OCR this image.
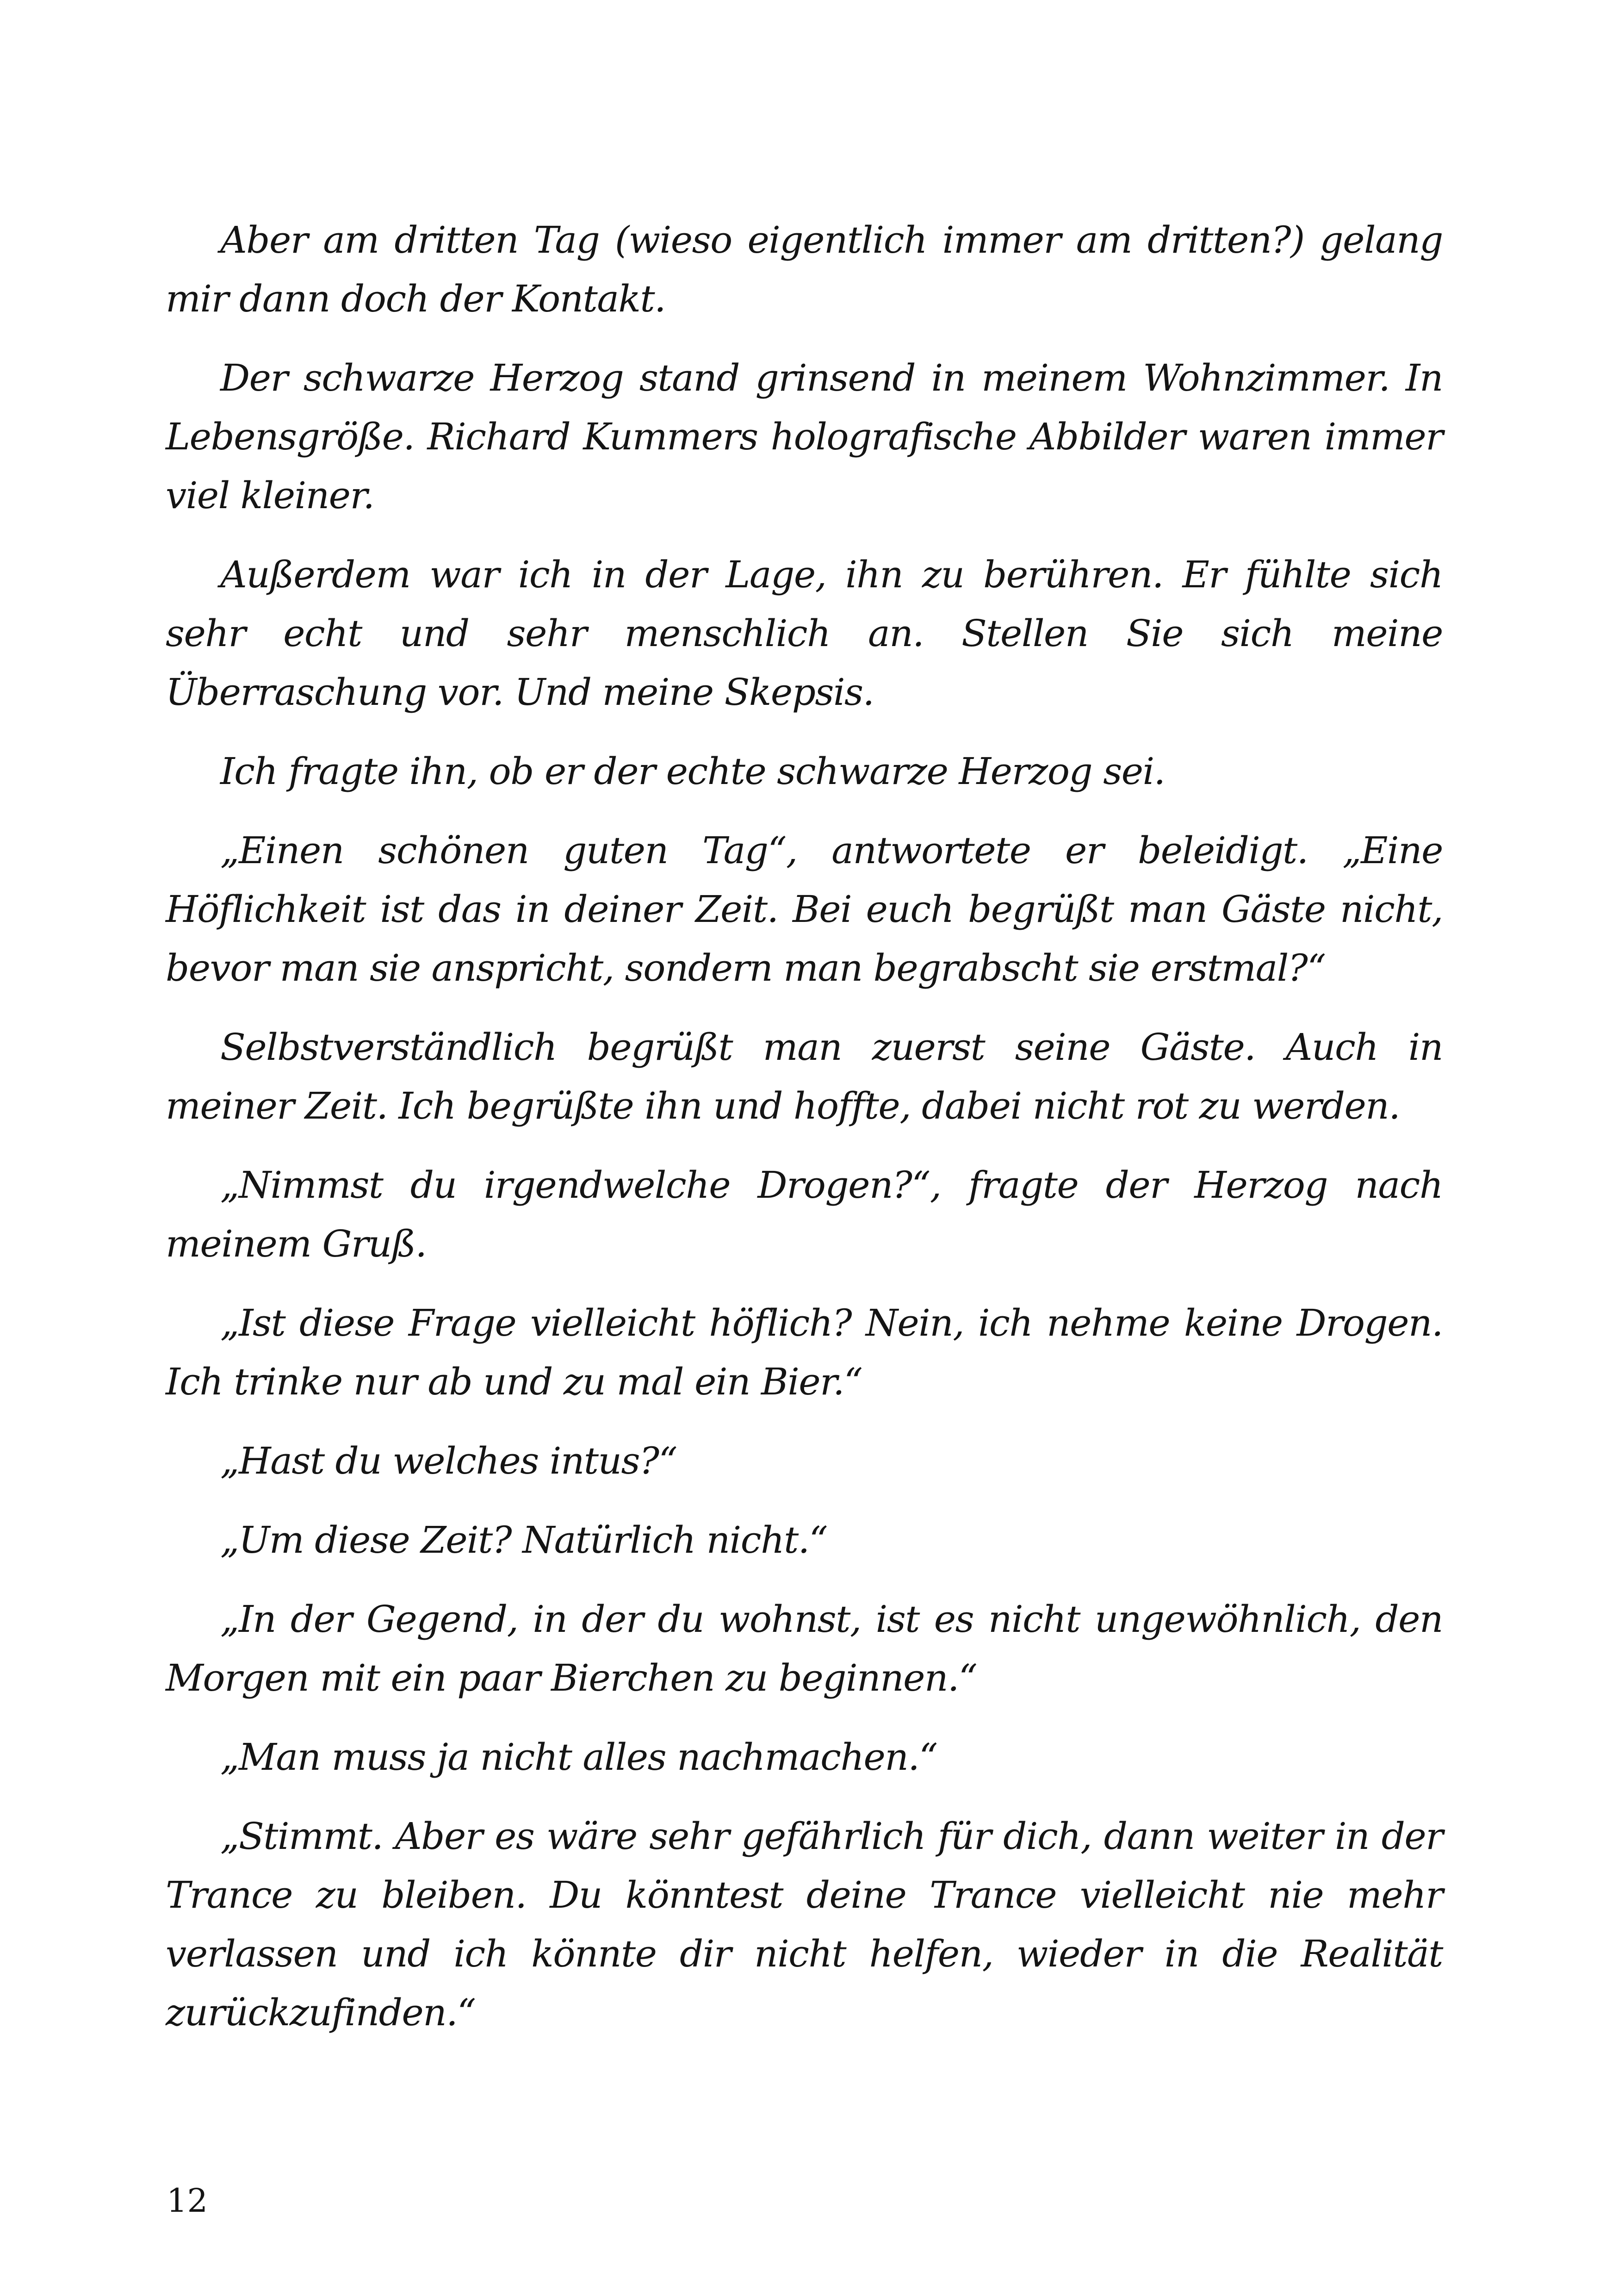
Aber am dritten Tag (wieso eigentlich immer am dritten?) gelang mir dann doch der Kontakt.

Der schwarze Herzog stand grinsend in meinem Wohnzimmer. In Lebensgröße. Richard Kummers holografische Abbilder waren immer viel kleiner.

Außerdem war ich in der Lage, ihn zu berühren. Er fühlte sich sehr echt und sehr menschlich an. Stellen Sie sich meine Überraschung vor. Und meine Skepsis.

Ich fragte ihn, ob er der echte schwarze Herzog sei.

„Einen schönen guten Tag“, antwortete er beleidigt. „Eine Höflichkeit ist das in deiner Zeit. Bei euch begrüßt man Gäste nicht, bevor man sie anspricht, sondern man begrabscht sie erstmal?“

Selbstverständlich begrüßt man zuerst seine Gäste. Auch in meiner Zeit. Ich begrüßte ihn und hoffte, dabei nicht rot zu werden.

„Nimmst du irgendwelche Drogen?“, fragte der Herzog nach meinem Gruß.

„Ist diese Frage vielleicht höflich? Nein, ich nehme keine Drogen. Ich trinke nur ab und zu mal ein Bier.“

„Hast du welches intus?“

„Um diese Zeit? Natürlich nicht.“

„In der Gegend, in der du wohnst, ist es nicht ungewöhnlich, den Morgen mit ein paar Bierchen zu beginnen.“

„Man muss ja nicht alles nachmachen.“

„Stimmt. Aber es wäre sehr gefährlich für dich, dann weiter in der Trance zu bleiben. Du könntest deine Trance vielleicht nie mehr verlassen und ich könnte dir nicht helfen, wieder in die Realität zurückzufinden.“

12
